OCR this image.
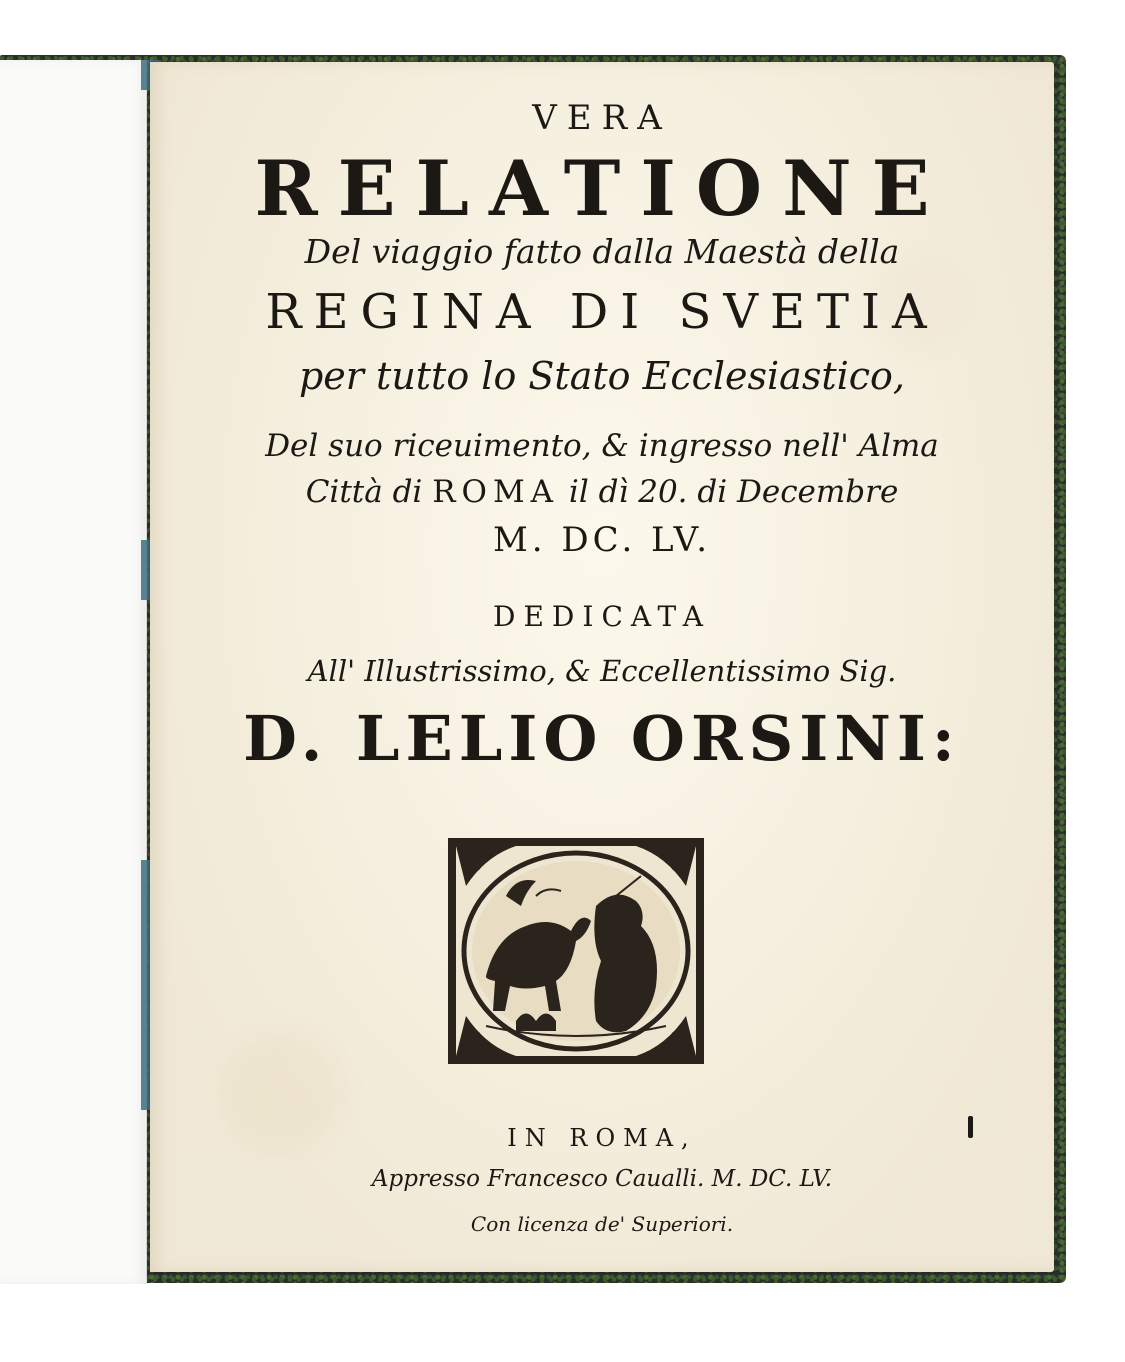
VERA

RELATIONE

Del viaggio fatto dalla Maestà della

REGINA DI SVETIA

per tutto lo Stato Ecclesiastico,

Del suo riceuimento, & ingresso nell' Alma

Città di ROMA il dì 20. di Decembre

M. DC. LV.

DEDICATA

All' Illustrissimo, & Eccellentissimo Sig.

D. LELIO ORSINI:

IN ROMA,

Appresso Francesco Caualli. M. DC. LV.

Con licenza de' Superiori.
